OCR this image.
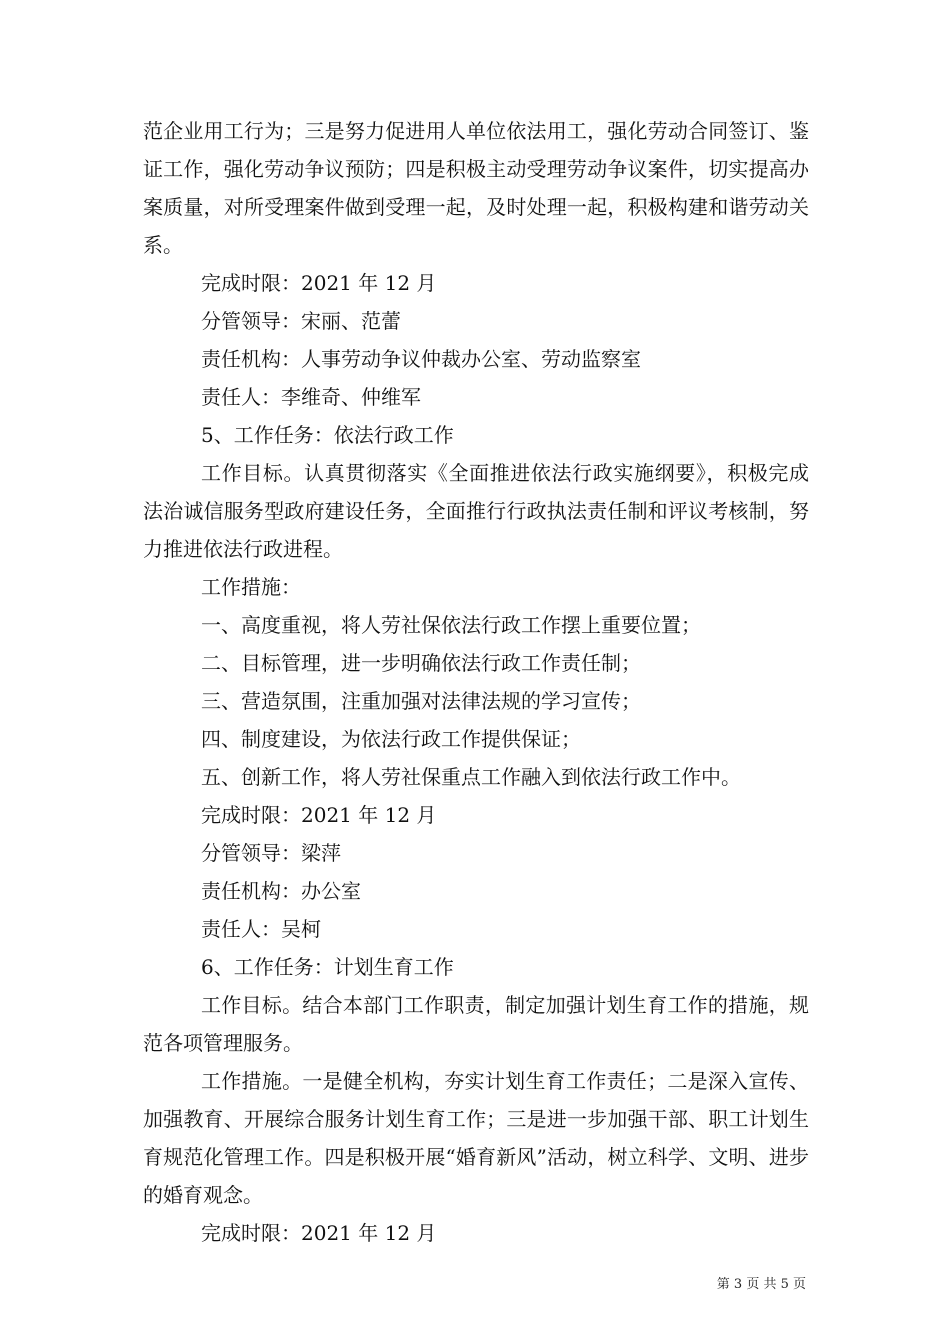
范企业用工行为；三是努力促进用人单位依法用工，强化劳动合同签订、鉴证工作，强化劳动争议预防；四是积极主动受理劳动争议案件，切实提高办案质量，对所受理案件做到受理一起，及时处理一起，积极构建和谐劳动关系。

完成时限：2021 年 12 月

分管领导：宋丽、范蕾

责任机构：人事劳动争议仲裁办公室、劳动监察室

责任人：李维奇、仲维军

5、工作任务：依法行政工作

工作目标。认真贯彻落实《全面推进依法行政实施纲要》，积极完成法治诚信服务型政府建设任务，全面推行行政执法责任制和评议考核制，努力推进依法行政进程。

工作措施：

一、高度重视，将人劳社保依法行政工作摆上重要位置；

二、目标管理，进一步明确依法行政工作责任制；

三、营造氛围，注重加强对法律法规的学习宣传；

四、制度建设，为依法行政工作提供保证；

五、创新工作，将人劳社保重点工作融入到依法行政工作中。

完成时限：2021 年 12 月

分管领导：梁萍

责任机构：办公室

责任人：吴柯

6、工作任务：计划生育工作

工作目标。结合本部门工作职责，制定加强计划生育工作的措施，规范各项管理服务。

工作措施。一是健全机构，夯实计划生育工作责任；二是深入宣传、加强教育、开展综合服务计划生育工作；三是进一步加强干部、职工计划生育规范化管理工作。四是积极开展“婚育新风”活动，树立科学、文明、进步的婚育观念。

完成时限：2021 年 12 月

第 3 页 共 5 页
